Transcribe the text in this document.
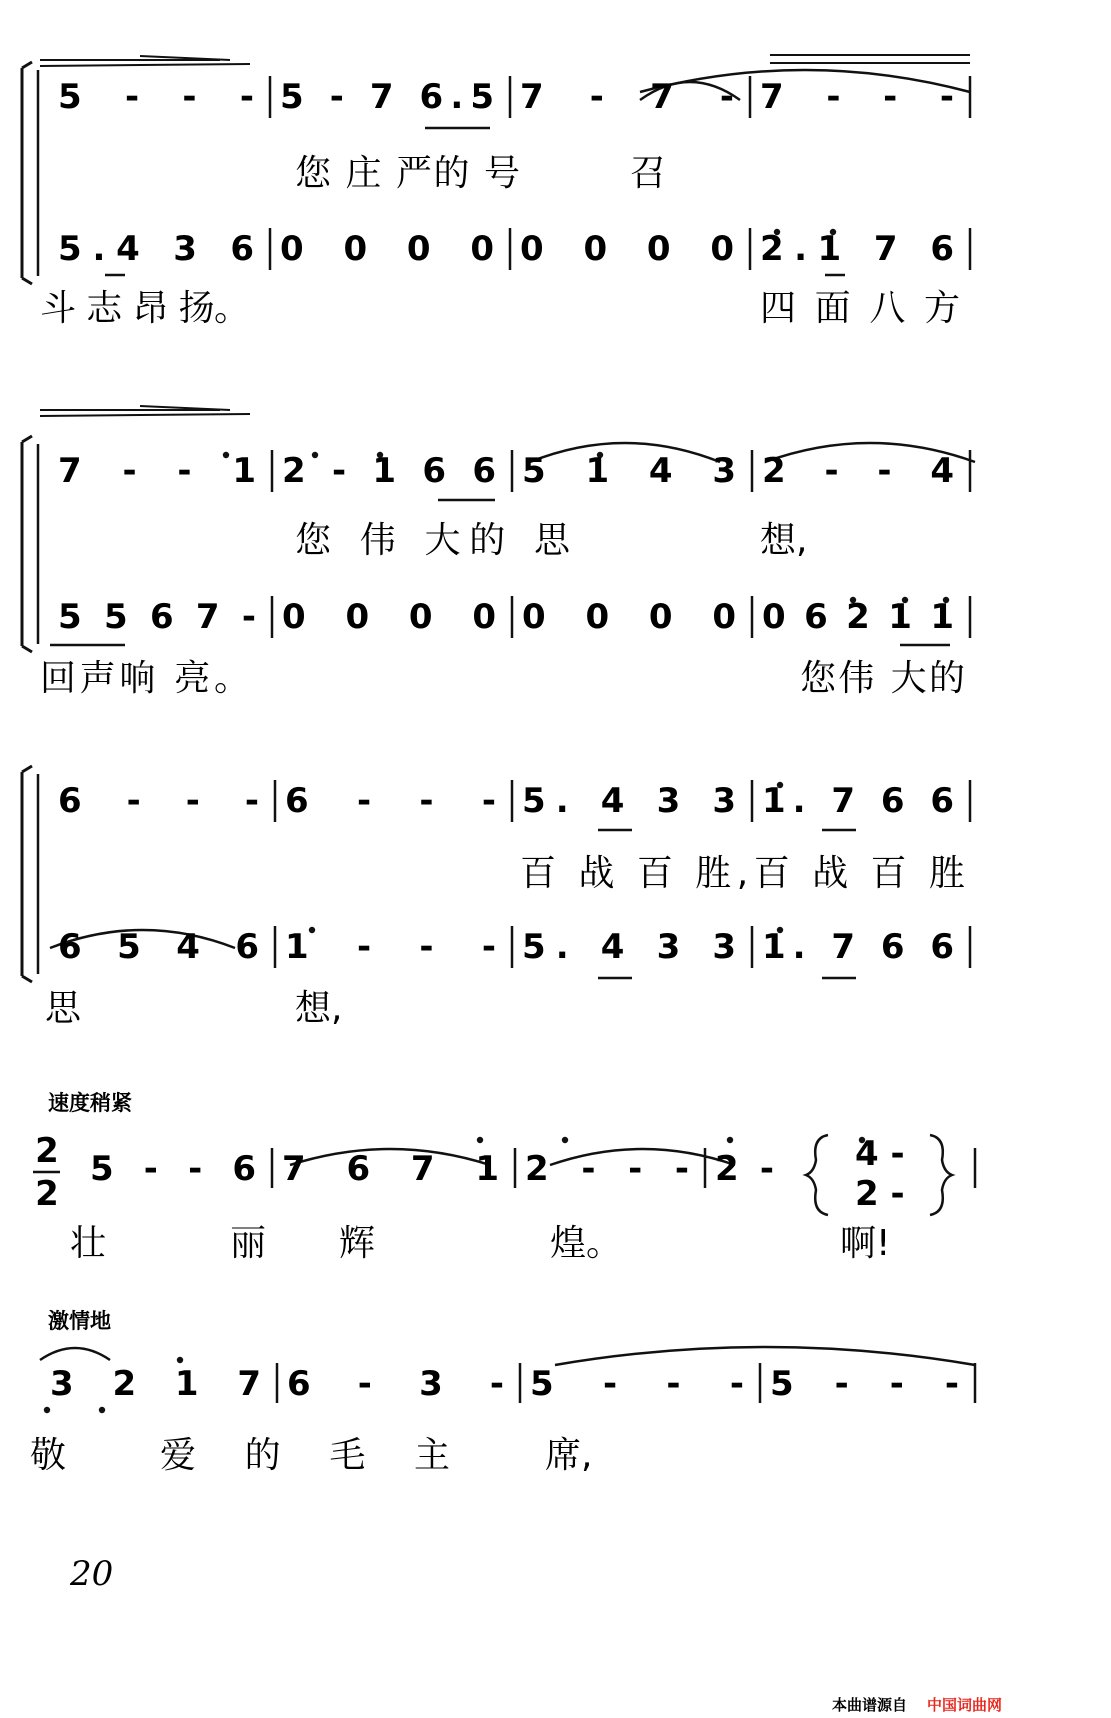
5 - - - 5 - 7 6.5 7 - 7 - 7 - - -
5.4 3 6 0 0 0 0 0 0 0 0 2.1 7 6
您 庄 严的 号	召
斗 志 昂 扬。	四 面 八 方
7 - - 1 2 - 1 6 6 5 1 4 3 2 - - 4
5 5 6 7 - 0 0 0 0 0 0 0 0 0 6 2 1 1
您 伟 大的 思	想,
回声响 亮。	您伟 大的
6 - - - 6 - - - 5. 4 3 3 1. 7 6 6
6 5 4 6 1 - - - 5. 4 3 3 1. 7 6 6
百 战 百 胜,百 战 百 胜
思	想,
速度稍紧
2
2
5 - - 6 7 6 7 1 2 - - - 2 - 4 -
2 -
壮	丽 辉	煌。	啊!
激情地
3 2 1 7 6 - 3 - 5 - - - 5 - - -
敬	爱 的 毛 主	席,
20
本曲谱源自 中国词曲网
